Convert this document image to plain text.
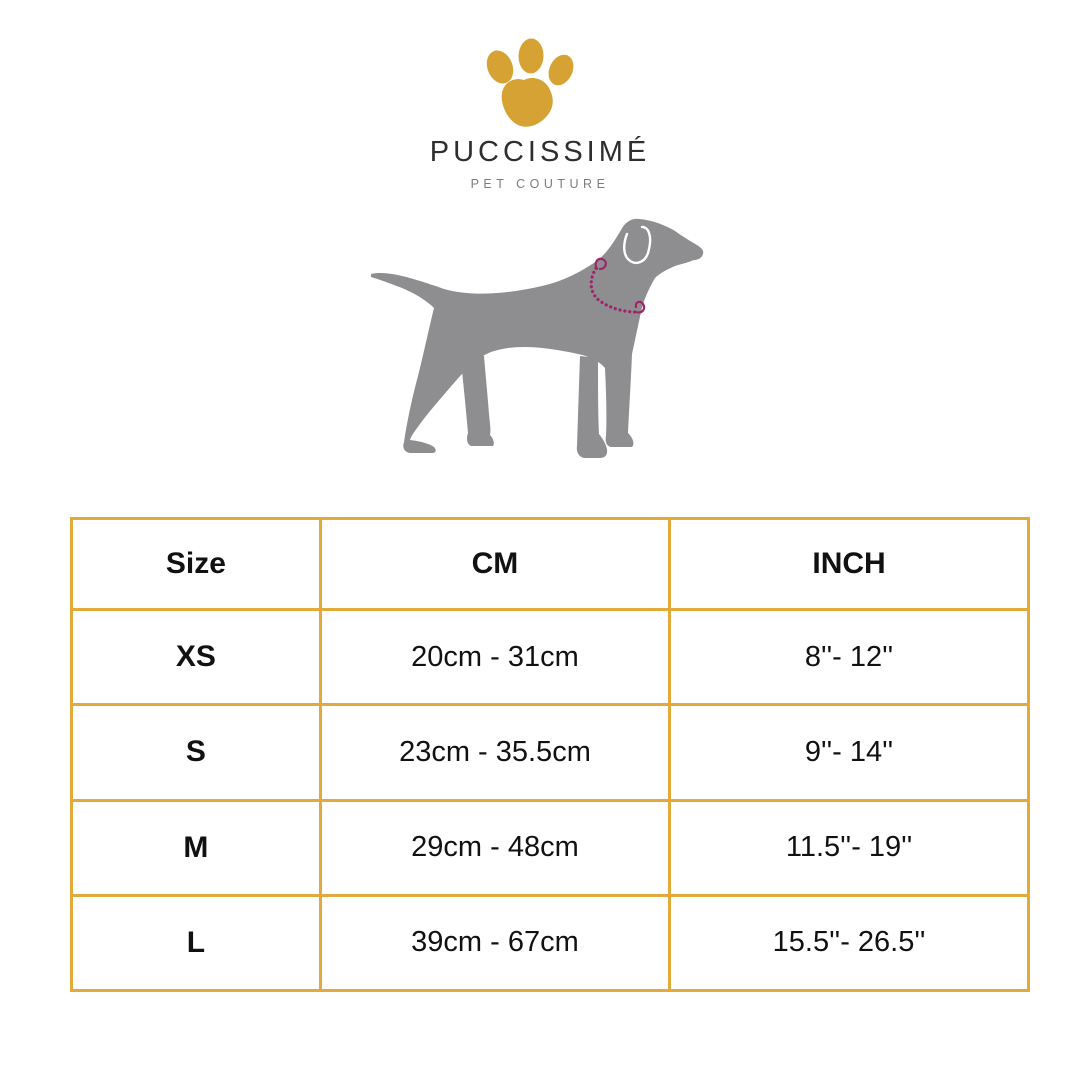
PUCCISSIMÉ
PET COUTURE
Size	CM	INCH
XS	20cm - 31cm	8''- 12''
S	23cm - 35.5cm	9''- 14''
M	29cm - 48cm	11.5''- 19''
L	39cm - 67cm	15.5''- 26.5''
